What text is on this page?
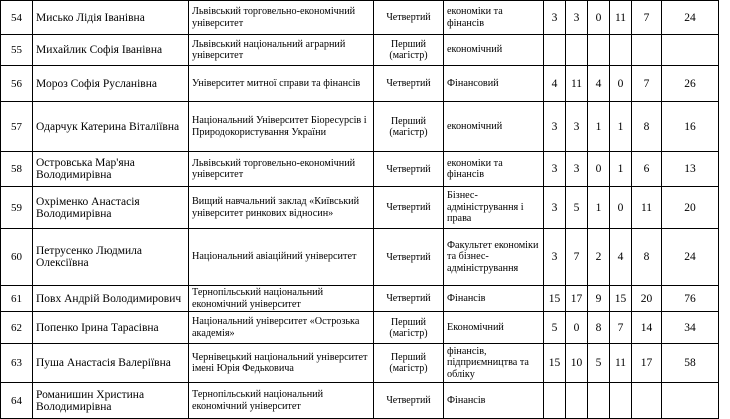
54	Мисько Лідія Іванівна	Львівський торговельно-економічний університет	Четвертий	економіки та фінансів	3	3	0	11	7	24
55	Михайлик Софія Іванівна	Львівський національний аграрний університет	Перший (магістр)	економічний						
56	Мороз Софія Русланівна	Університет митної справи та фінансів	Четвертий	Фінансовий	4	11	4	0	7	26
57	Одарчук Катерина Віталіївна	Національний Університет Біоресурсів і Природокористування України	Перший (магістр)	економічний	3	3	1	1	8	16
58	Островська Мар'яна Володимирівна	Львівський торговельно-економічний університет	Четвертий	економіки та фінансів	3	3	0	1	6	13
59	Охріменко Анастасія Володимирівна	Вищий навчальний заклад «Київський університет ринкових відносин»	Четвертий	Бізнес-адміністрування і права	3	5	1	0	11	20
60	Петрусенко Людмила Олексіївна	Національний авіаційний університет	Четвертий	Факультет економіки та бізнес-адміністрування	3	7	2	4	8	24
61	Повх Андрій Володимирович	Тернопільський національний економічний університет	Четвертий	Фінансів	15	17	9	15	20	76
62	Попенко Ірина Тарасівна	Національний університет «Острозька академія»	Перший (магістр)	Економічний	5	0	8	7	14	34
63	Пуша Анастасія Валеріївна	Чернівецький національний університет імені Юрія Федьковича	Перший (магістр)	фінансів, підприємництва та обліку	15	10	5	11	17	58
64	Романишин Христина Володимирівна	Тернопільський національний економічний університет	Четвертий	Фінансів						
